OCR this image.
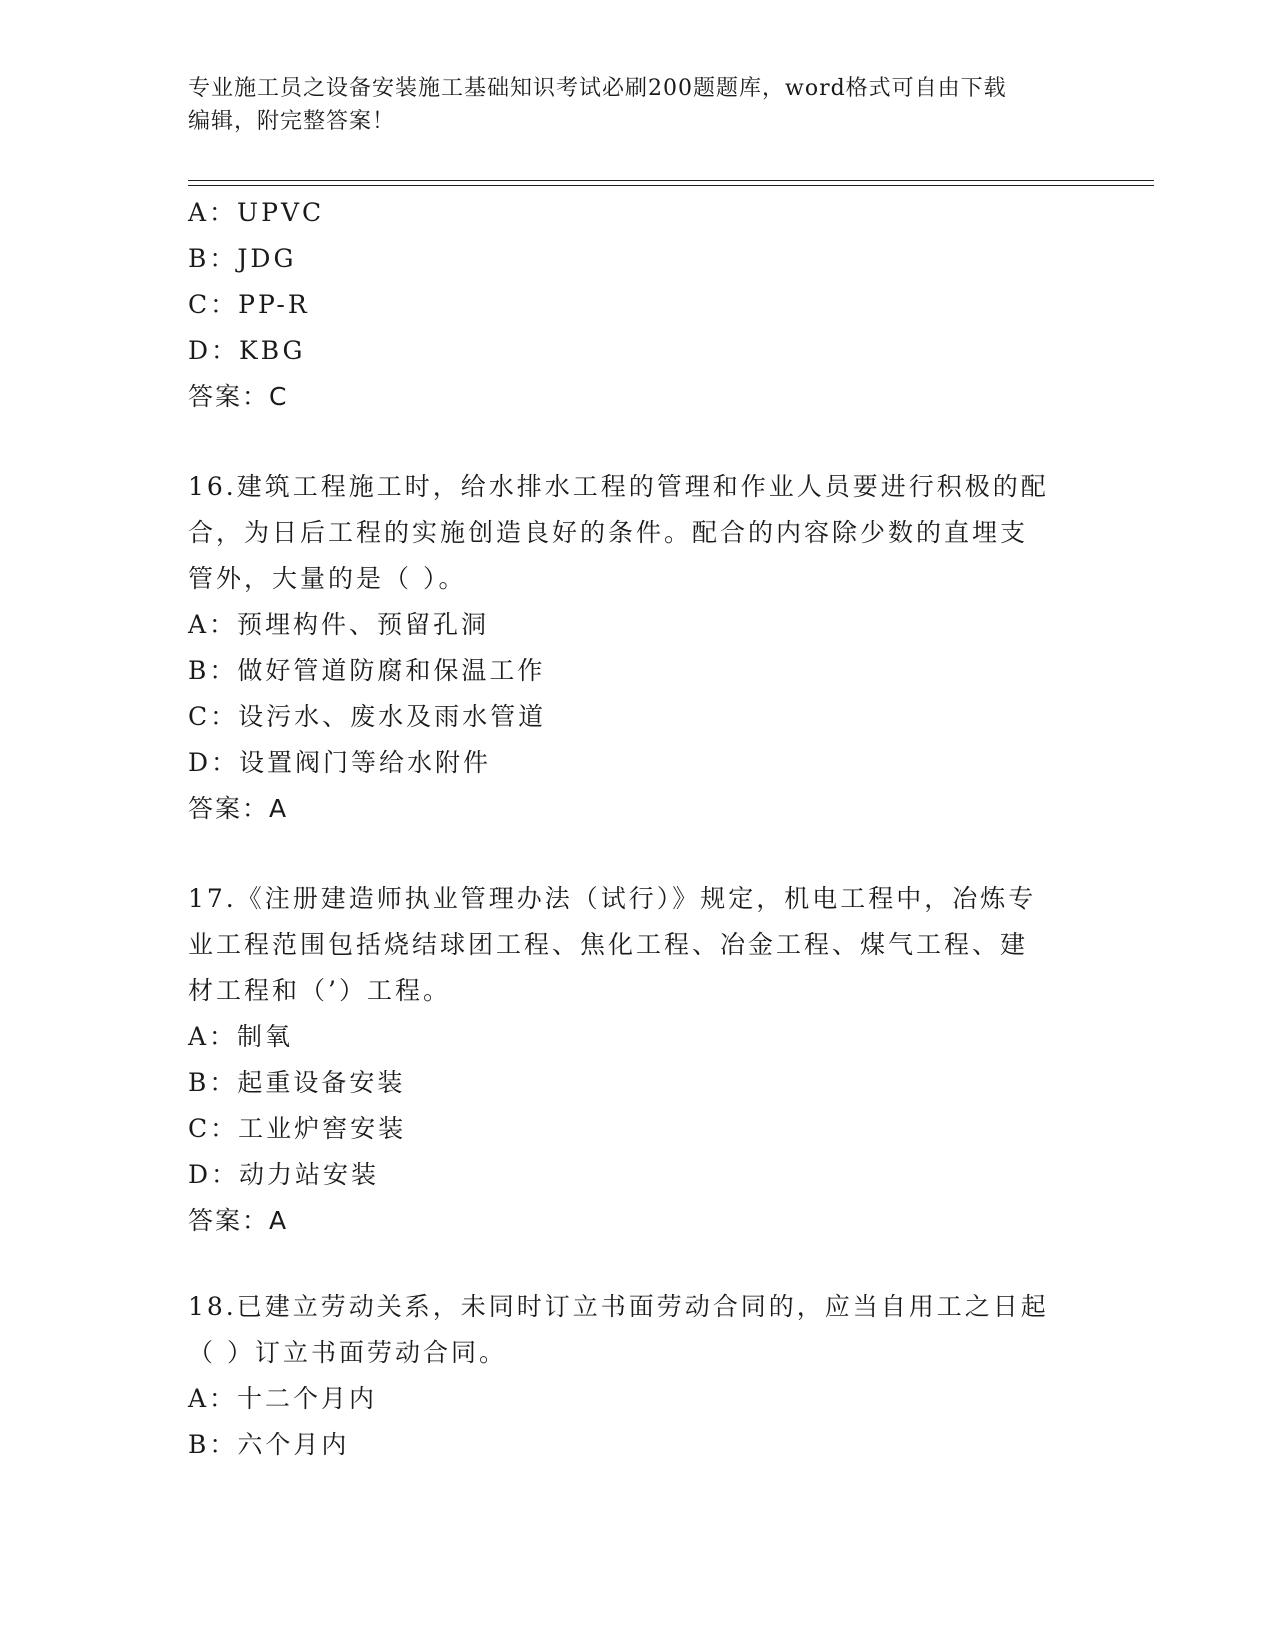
专业施工员之设备安装施工基础知识考试必刷200题题库，word格式可自由下载
编辑，附完整答案！
A：UPVC
B：JDG
C：PP-R
D：KBG
答案：C
16.建筑工程施工时，给水排水工程的管理和作业人员要进行积极的配
合，为日后工程的实施创造良好的条件。配合的内容除少数的直埋支
管外，大量的是（ ）。
A：预埋构件、预留孔洞
B：做好管道防腐和保温工作
C：设污水、废水及雨水管道
D：设置阀门等给水附件
答案：A
17.《注册建造师执业管理办法（试行）》规定，机电工程中，冶炼专
业工程范围包括烧结球团工程、焦化工程、冶金工程、煤气工程、建
材工程和（’）工程。
A：制氧
B：起重设备安装
C：工业炉窖安装
D：动力站安装
答案：A
18.已建立劳动关系，未同时订立书面劳动合同的，应当自用工之日起
（ ）订立书面劳动合同。
A：十二个月内
B：六个月内
